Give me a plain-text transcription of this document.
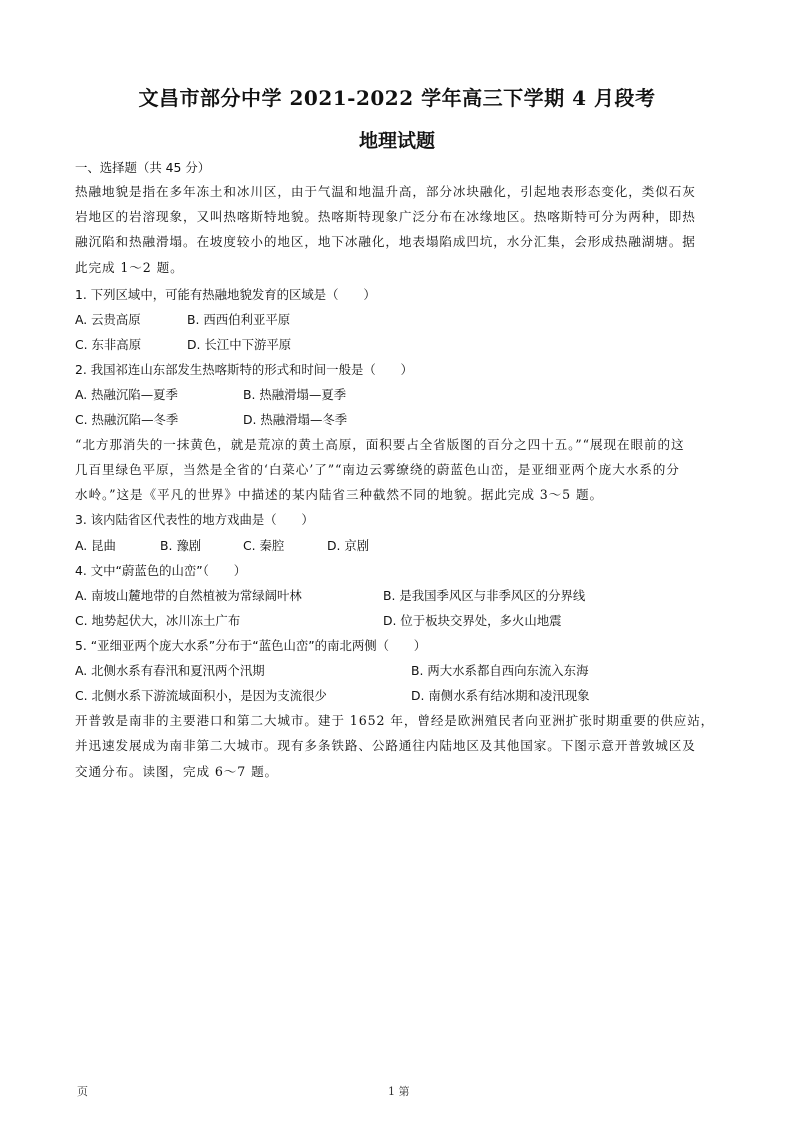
文昌市部分中学 2021-2022 学年高三下学期 4 月段考
地理试题
一、选择题（共 45 分）
热融地貌是指在多年冻土和冰川区，由于气温和地温升高，部分冰块融化，引起地表形态变化，类似石灰
岩地区的岩溶现象，又叫热喀斯特地貌。热喀斯特现象广泛分布在冰缘地区。热喀斯特可分为两种，即热
融沉陷和热融滑塌。在坡度较小的地区，地下冰融化，地表塌陷成凹坑，水分汇集，会形成热融湖塘。据
此完成 1～2 题。
1. 下列区域中，可能有热融地貌发育的区域是（　　）
A. 云贵高原	B. 西西伯利亚平原
C. 东非高原	D. 长江中下游平原
2. 我国祁连山东部发生热喀斯特的形式和时间一般是（　　）
A. 热融沉陷—夏季	B. 热融滑塌—夏季
C. 热融沉陷—冬季	D. 热融滑塌—冬季
“北方那消失的一抹黄色，就是荒凉的黄土高原，面积要占全省版图的百分之四十五。”“展现在眼前的这
几百里绿色平原，当然是全省的‘白菜心’了”“南边云雾缭绕的蔚蓝色山峦，是亚细亚两个庞大水系的分
水岭。”这是《平凡的世界》中描述的某内陆省三种截然不同的地貌。据此完成 3～5 题。
3. 该内陆省区代表性的地方戏曲是（　　）
A. 昆曲	B. 豫剧	C. 秦腔	D. 京剧
4. 文中“蔚蓝色的山峦”（　　）
A. 南坡山麓地带的自然植被为常绿阔叶林	B. 是我国季风区与非季风区的分界线
C. 地势起伏大，冰川冻土广布	D. 位于板块交界处，多火山地震
5. “亚细亚两个庞大水系”分布于“蓝色山峦”的南北两侧（　　）
A. 北侧水系有春汛和夏汛两个汛期	B. 两大水系都自西向东流入东海
C. 北侧水系下游流域面积小，是因为支流很少	D. 南侧水系有结冰期和凌汛现象
开普敦是南非的主要港口和第二大城市。建于 1652 年，曾经是欧洲殖民者向亚洲扩张时期重要的供应站，
并迅速发展成为南非第二大城市。现有多条铁路、公路通往内陆地区及其他国家。下图示意开普敦城区及
交通分布。读图，完成 6～7 题。
页	1 第
